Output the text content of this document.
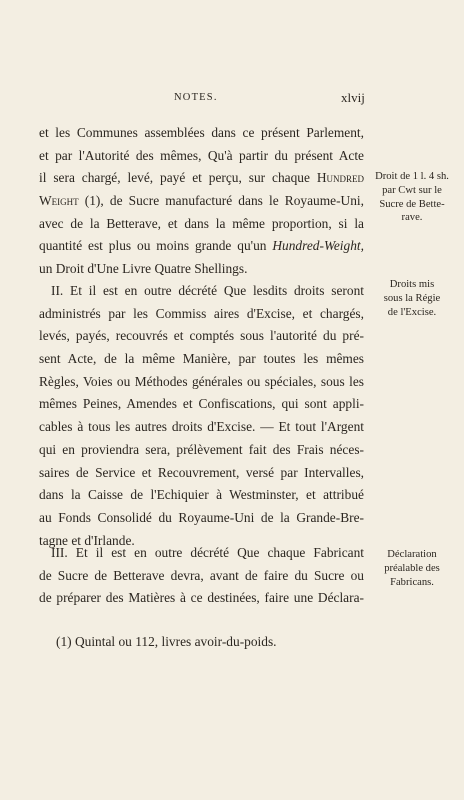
NOTES.	xlvij
et les Communes assemblées dans ce présent Parlement,
et par l'Autorité des mêmes, Qu'à partir du présent Acte
il sera chargé, levé, payé et perçu, sur chaque Hundred
Weight (1), de Sucre manufacturé dans le Royaume-Uni,
avec de la Betterave, et dans la même proportion, si la
quantité est plus ou moins grande qu'un Hundred-Weight,
un Droit d'Une Livre Quatre Shellings.
II. Et il est en outre décrété Que lesdits droits seront
administrés par les Commiss aires d'Excise, et chargés,
levés, payés, recouvrés et comptés sous l'autorité du pré-
sent Acte, de la même Manière, par toutes les mêmes
Règles, Voies ou Méthodes générales ou spéciales, sous les
mêmes Peines, Amendes et Confiscations, qui sont appli-
cables à tous les autres droits d'Excise. — Et tout l'Argent
qui en proviendra sera, prélèvement fait des Frais néces-
saires de Service et Recouvrement, versé par Intervalles,
dans la Caisse de l'Echiquier à Westminster, et attribué
au Fonds Consolidé du Royaume-Uni de la Grande-Bre-
tagne et d'Irlande.
III. Et il est en outre décrété Que chaque Fabricant
de Sucre de Betterave devra, avant de faire du Sucre ou
de préparer des Matières à ce destinées, faire une Déclara-
Droit de 1 l. 4 sh.
par Cwt sur le
Sucre de Bette-
rave.
Droits mis
sous la Régie
de l'Excise.
Déclaration
préalable des
Fabricans.
(1) Quintal ou 112, livres avoir-du-poids.
